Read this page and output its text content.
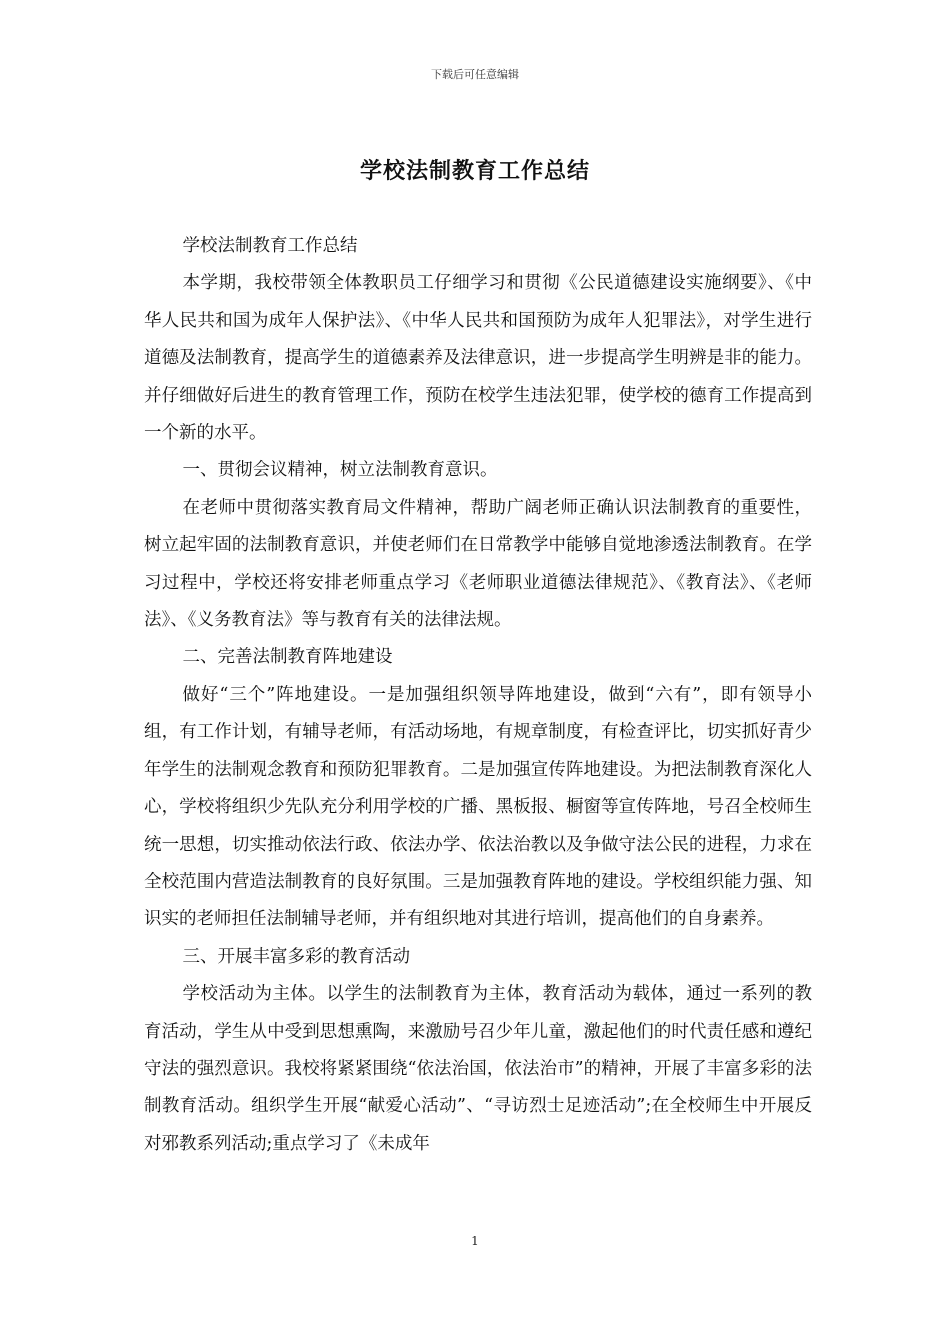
下载后可任意编辑
学校法制教育工作总结

学校法制教育工作总结

本学期，我校带领全体教职员工仔细学习和贯彻《公民道德建设实施纲要》、《中华人民共和国为成年人保护法》、《中华人民共和国预防为成年人犯罪法》，对学生进行道德及法制教育，提高学生的道德素养及法律意识，进一步提高学生明辨是非的能力。并仔细做好后进生的教育管理工作，预防在校学生违法犯罪，使学校的德育工作提高到一个新的水平。

一、贯彻会议精神，树立法制教育意识。

在老师中贯彻落实教育局文件精神，帮助广阔老师正确认识法制教育的重要性，树立起牢固的法制教育意识，并使老师们在日常教学中能够自觉地渗透法制教育。在学习过程中，学校还将安排老师重点学习《老师职业道德法律规范》、《教育法》、《老师法》、《义务教育法》等与教育有关的法律法规。

二、完善法制教育阵地建设

做好“三个”阵地建设。一是加强组织领导阵地建设，做到“六有”，即有领导小组，有工作计划，有辅导老师，有活动场地，有规章制度，有检查评比，切实抓好青少年学生的法制观念教育和预防犯罪教育。二是加强宣传阵地建设。为把法制教育深化人心，学校将组织少先队充分利用学校的广播、黑板报、橱窗等宣传阵地，号召全校师生统一思想，切实推动依法行政、依法办学、依法治教以及争做守法公民的进程，力求在全校范围内营造法制教育的良好氛围。三是加强教育阵地的建设。学校组织能力强、知识实的老师担任法制辅导老师，并有组织地对其进行培训，提高他们的自身素养。

三、开展丰富多彩的教育活动

学校活动为主体。以学生的法制教育为主体，教育活动为载体，通过一系列的教育活动，学生从中受到思想熏陶，来激励号召少年儿童，激起他们的时代责任感和遵纪守法的强烈意识。我校将紧紧围绕“依法治国，依法治市”的精神，开展了丰富多彩的法制教育活动。组织学生开展“献爱心活动”、“寻访烈士足迹活动”;在全校师生中开展反对邪教系列活动;重点学习了《未成年

1
